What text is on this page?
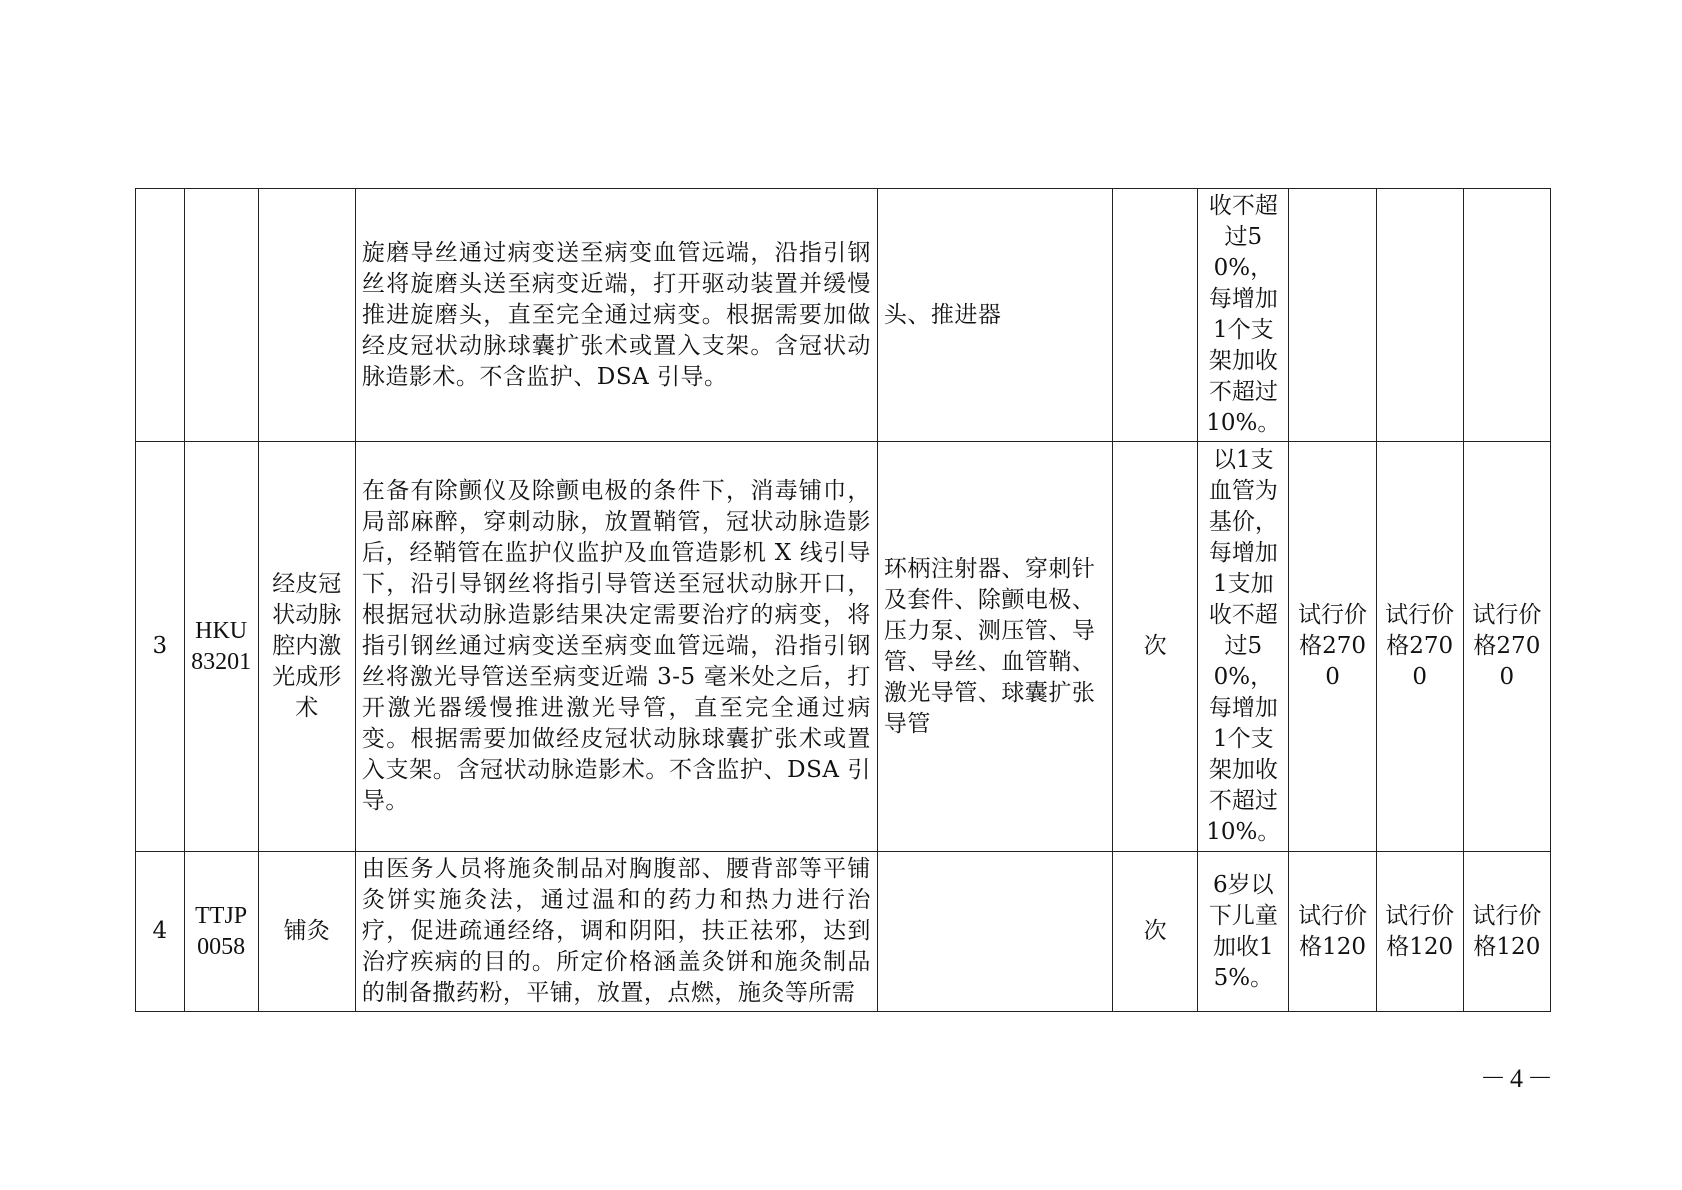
			旋磨导丝通过病变送至病变血管远端，沿指引钢丝将旋磨头送至病变近端，打开驱动装置并缓慢推进旋磨头，直至完全通过病变。根据需要加做经皮冠状动脉球囊扩张术或置入支架。含冠状动脉造影术。不含监护、DSA 引导。	头、推进器		收不超过50%，每增加1个支架加收不超过10%。			
3	HKU83201	经皮冠状动脉腔内激光成形术	在备有除颤仪及除颤电极的条件下，消毒铺巾，局部麻醉，穿刺动脉，放置鞘管，冠状动脉造影后，经鞘管在监护仪监护及血管造影机 X 线引导下，沿引导钢丝将指引导管送至冠状动脉开口，根据冠状动脉造影结果决定需要治疗的病变，将指引钢丝通过病变送至病变血管远端，沿指引钢丝将激光导管送至病变近端 3-5 毫米处之后，打开激光器缓慢推进激光导管，直至完全通过病变。根据需要加做经皮冠状动脉球囊扩张术或置入支架。含冠状动脉造影术。不含监护、DSA 引导。	环柄注射器、穿刺针及套件、除颤电极、压力泵、测压管、导管、导丝、血管鞘、激光导管、球囊扩张导管	次	以1支血管为基价，每增加1支加收不超过50%，每增加1个支架加收不超过10%。	试行价格2700	试行价格2700	试行价格2700
4	TTJP0058	铺灸	由医务人员将施灸制品对胸腹部、腰背部等平铺灸饼实施灸法，通过温和的药力和热力进行治疗，促进疏通经络，调和阴阳，扶正祛邪，达到治疗疾病的目的。所定价格涵盖灸饼和施灸制品的制备撒药粉，平铺，放置，点燃，施灸等所需		次	6岁以下儿童加收15%。	试行价格120	试行价格120	试行价格120
－4－
